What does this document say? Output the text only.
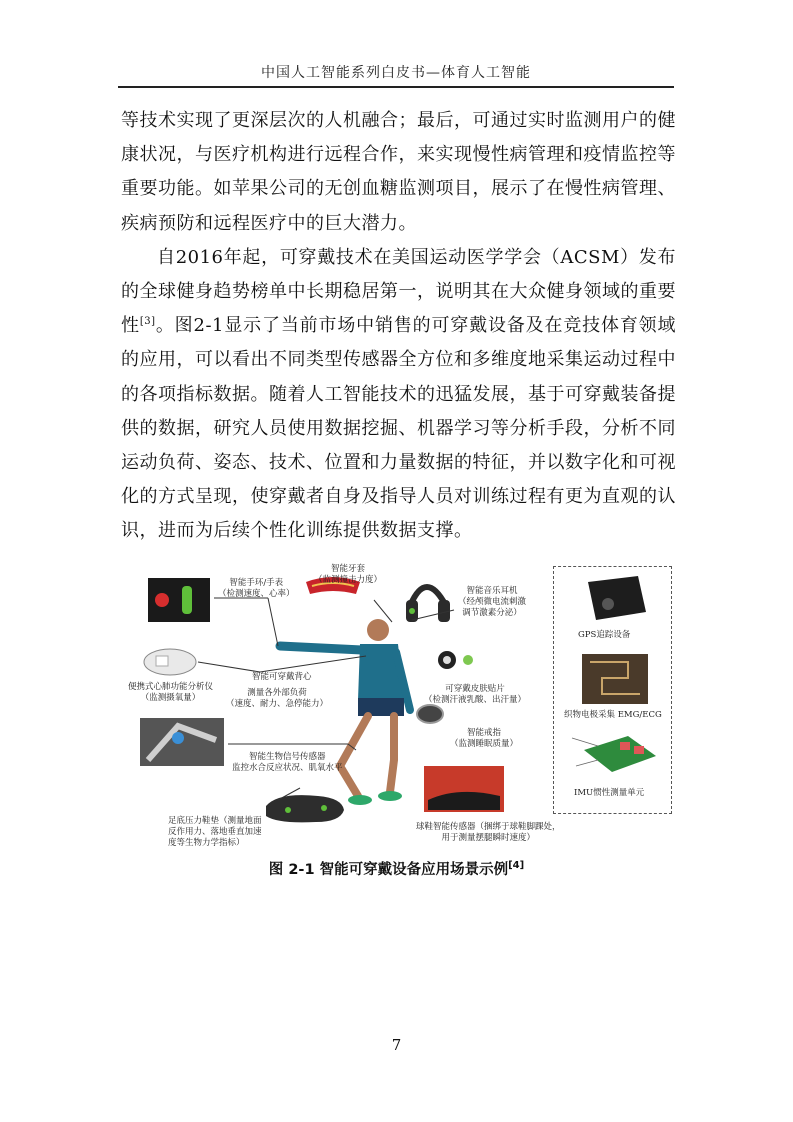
中国人工智能系列白皮书—体育人工智能

等技术实现了更深层次的人机融合；最后，可通过实时监测用户的健康状况，与医疗机构进行远程合作，来实现慢性病管理和疫情监控等重要功能。如苹果公司的无创血糖监测项目，展示了在慢性病管理、疾病预防和远程医疗中的巨大潜力。

自2016年起，可穿戴技术在美国运动医学学会（ACSM）发布的全球健身趋势榜单中长期稳居第一，说明其在大众健身领域的重要性[3]。图2-1显示了当前市场中销售的可穿戴设备及在竞技体育领域的应用，可以看出不同类型传感器全方位和多维度地采集运动过程中的各项指标数据。随着人工智能技术的迅猛发展，基于可穿戴装备提供的数据，研究人员使用数据挖掘、机器学习等分析手段，分析不同运动负荷、姿态、技术、位置和力量数据的特征，并以数字化和可视化的方式呈现，使穿戴者自身及指导人员对训练过程有更为直观的认识，进而为后续个性化训练提供数据支撑。

智能手环/手表
（检测速度、心率）
智能牙套
（监测撞击力度）
智能音乐耳机
（经颅微电流刺激
调节激素分泌）
智能可穿戴背心
测量各外部负荷
（速度、耐力、急停能力）
便携式心肺功能分析仪
（监测摄氧量）
可穿戴皮肤贴片
（检测汗液乳酸、出汗量）
智能戒指
（监测睡眠质量）
智能生物信号传感器
监控水合反应状况、肌氧水平
足底压力鞋垫（测量地面
反作用力、落地垂直加速
度等生物力学指标）
球鞋智能传感器（捆绑于球鞋脚踝处，
用于测量摆腿瞬时速度）
GPS追踪设备
织物电极采集 EMG/ECG
IMU惯性测量单元
图 2-1 智能可穿戴设备应用场景示例[4]
7
